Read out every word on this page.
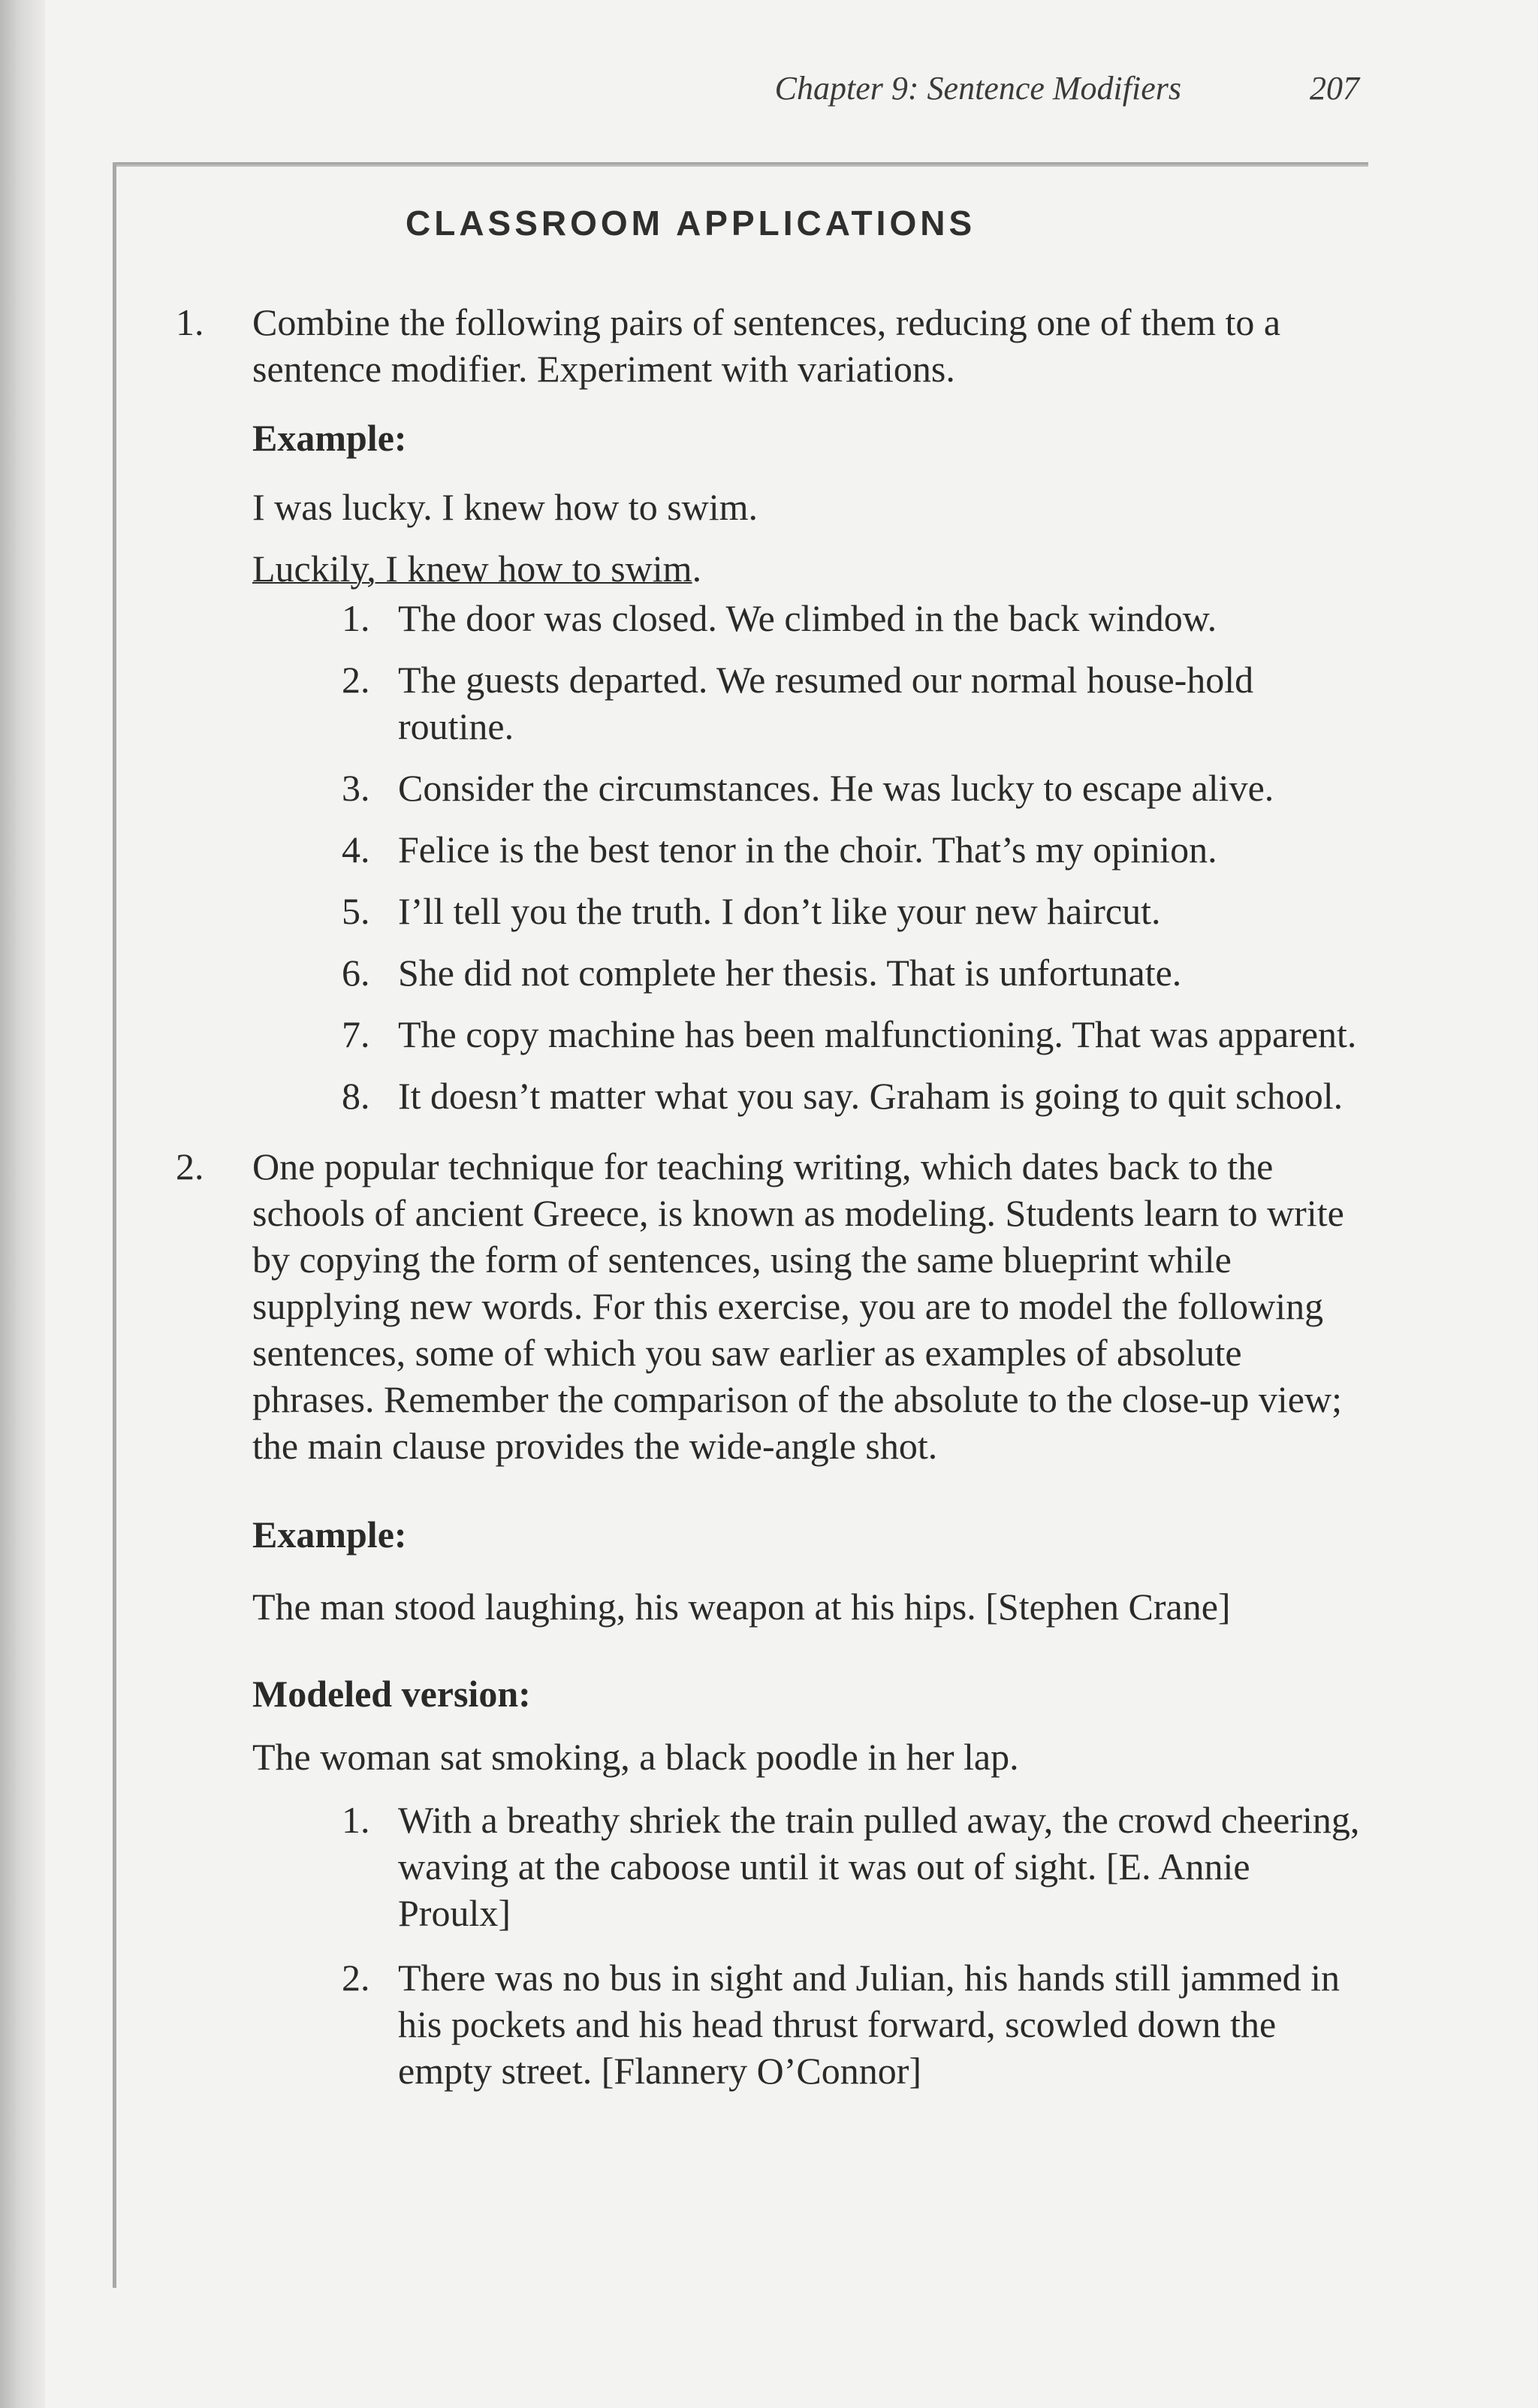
Chapter 9: Sentence Modifiers	207
CLASSROOM APPLICATIONS
1. Combine the following pairs of sentences, reducing one of them to a sentence modifier. Experiment with variations.
Example:
I was lucky. I knew how to swim.
Luckily, I knew how to swim.
1. The door was closed. We climbed in the back window.
2. The guests departed. We resumed our normal house-hold routine.
3. Consider the circumstances. He was lucky to escape alive.
4. Felice is the best tenor in the choir. That’s my opinion.
5. I’ll tell you the truth. I don’t like your new haircut.
6. She did not complete her thesis. That is unfortunate.
7. The copy machine has been malfunctioning. That was apparent.
8. It doesn’t matter what you say. Graham is going to quit school.
2. One popular technique for teaching writing, which dates back to the schools of ancient Greece, is known as modeling. Students learn to write by copying the form of sentences, using the same blueprint while supplying new words. For this exercise, you are to model the following sentences, some of which you saw earlier as examples of absolute phrases. Remember the comparison of the absolute to the close-up view; the main clause provides the wide-angle shot.
Example:
The man stood laughing, his weapon at his hips. [Stephen Crane]
Modeled version:
The woman sat smoking, a black poodle in her lap.
1. With a breathy shriek the train pulled away, the crowd cheering, waving at the caboose until it was out of sight. [E. Annie Proulx]
2. There was no bus in sight and Julian, his hands still jammed in his pockets and his head thrust forward, scowled down the empty street. [Flannery O’Connor]
